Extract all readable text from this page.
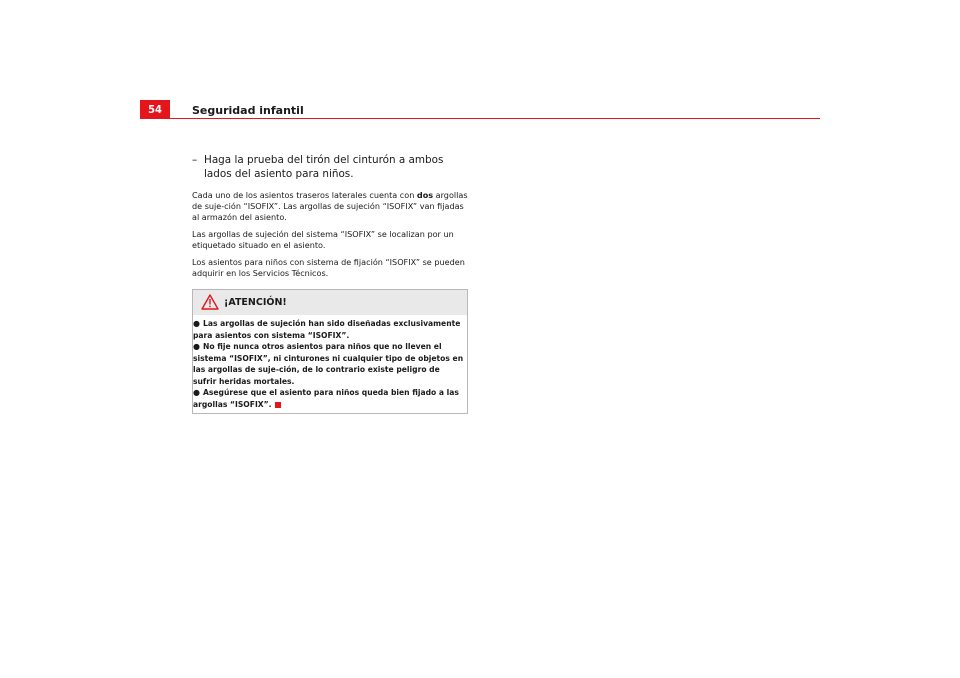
54	Seguridad infantil
– Haga la prueba del tirón del cinturón a ambos lados del asiento para niños.

Cada uno de los asientos traseros laterales cuenta con dos argollas de suje-ción “ISOFIX”. Las argollas de sujeción “ISOFIX” van fijadas al armazón del asiento.

Las argollas de sujeción del sistema “ISOFIX” se localizan por un etiquetado situado en el asiento.

Los asientos para niños con sistema de fijación “ISOFIX” se pueden adquirir en los Servicios Técnicos.

¡ATENCIÓN!

● Las argollas de sujeción han sido diseñadas exclusivamente para asientos con sistema “ISOFIX”.

● No fije nunca otros asientos para niños que no lleven el sistema “ISOFIX”, ni cinturones ni cualquier tipo de objetos en las argollas de suje-ción, de lo contrario existe peligro de sufrir heridas mortales.

● Asegúrese que el asiento para niños queda bien fijado a las argollas “ISOFIX”.
